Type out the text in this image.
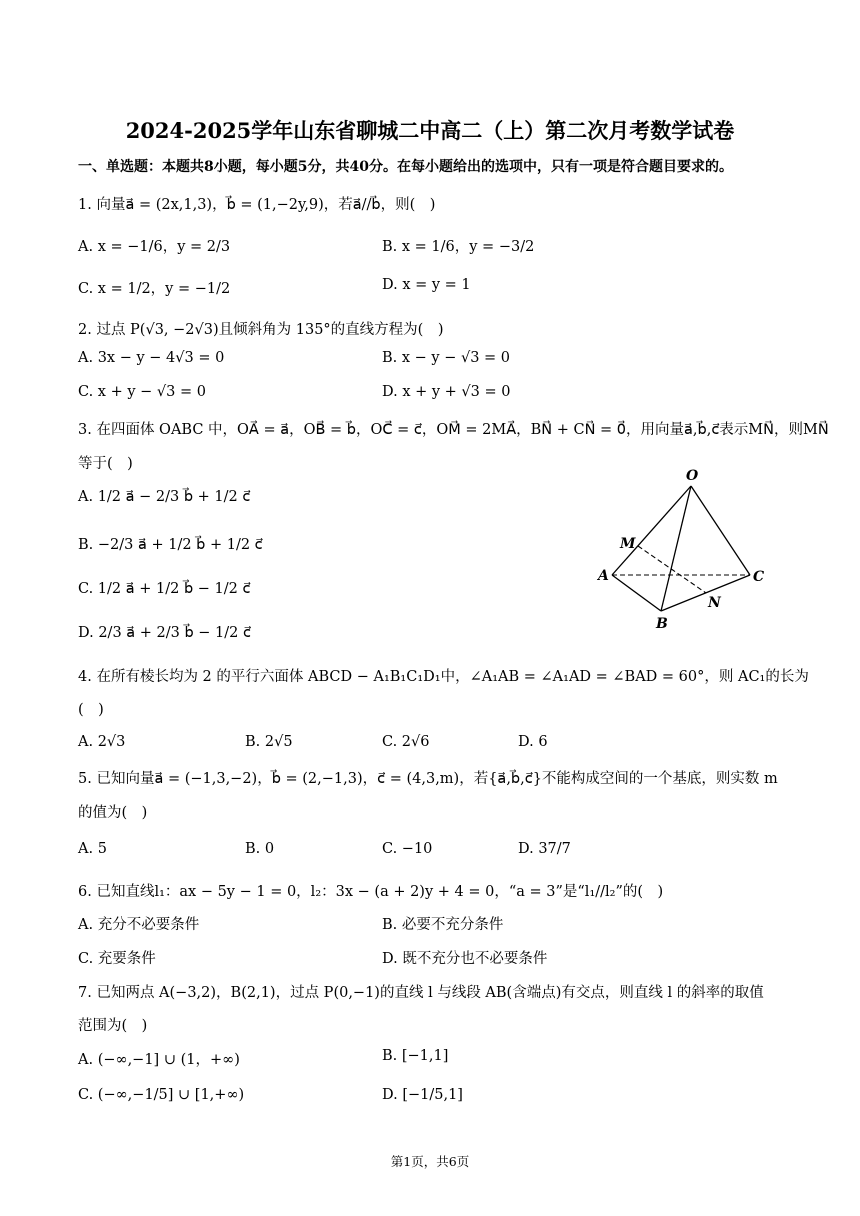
2024-2025学年山东省聊城二中高二（上）第二次月考数学试卷
一、单选题：本题共8小题，每小题5分，共40分。在每小题给出的选项中，只有一项是符合题目要求的。
1. 向量a⃗ = (2x,1,3)，b⃗ = (1,−2y,9)，若a⃗//b⃗，则(　)
A. x = −1/6，y = 2/3	B. x = 1/6，y = −3/2
C. x = 1/2，y = −1/2	D. x = y = 1
2. 过点 P(√3, −2√3)且倾斜角为 135°的直线方程为(　)
A. 3x − y − 4√3 = 0	B. x − y − √3 = 0
C. x + y − √3 = 0	D. x + y + √3 = 0
3. 在四面体 OABC 中，OA⃗ = a⃗，OB⃗ = b⃗，OC⃗ = c⃗，OM⃗ = 2MA⃗，BN⃗ + CN⃗ = 0⃗，用向量a⃗,b⃗,c⃗表示MN⃗，则MN⃗
等于(　)
A. 1/2 a⃗ − 2/3 b⃗ + 1/2 c⃗
B. −2/3 a⃗ + 1/2 b⃗ + 1/2 c⃗
C. 1/2 a⃗ + 1/2 b⃗ − 1/2 c⃗
D. 2/3 a⃗ + 2/3 b⃗ − 1/2 c⃗
O
M
A	C
N
B
4. 在所有棱长均为 2 的平行六面体 ABCD − A₁B₁C₁D₁中，∠A₁AB = ∠A₁AD = ∠BAD = 60°，则 AC₁的长为
(　)
A. 2√3	B. 2√5	C. 2√6	D. 6
5. 已知向量a⃗ = (−1,3,−2)，b⃗ = (2,−1,3)，c⃗ = (4,3,m)，若{a⃗,b⃗,c⃗}不能构成空间的一个基底，则实数 m
的值为(　)
A. 5	B. 0	C. −10	D. 37/7
6. 已知直线l₁：ax − 5y − 1 = 0，l₂：3x − (a + 2)y + 4 = 0，“a = 3”是“l₁//l₂”的(　)
A. 充分不必要条件	B. 必要不充分条件
C. 充要条件	D. 既不充分也不必要条件
7. 已知两点 A(−3,2)，B(2,1)，过点 P(0,−1)的直线 l 与线段 AB(含端点)有交点，则直线 l 的斜率的取值
范围为(　)
A. (−∞,−1] ∪ (1，+∞)	B. [−1,1]
C. (−∞,−1/5] ∪ [1,+∞)	D. [−1/5,1]
第1页，共6页
